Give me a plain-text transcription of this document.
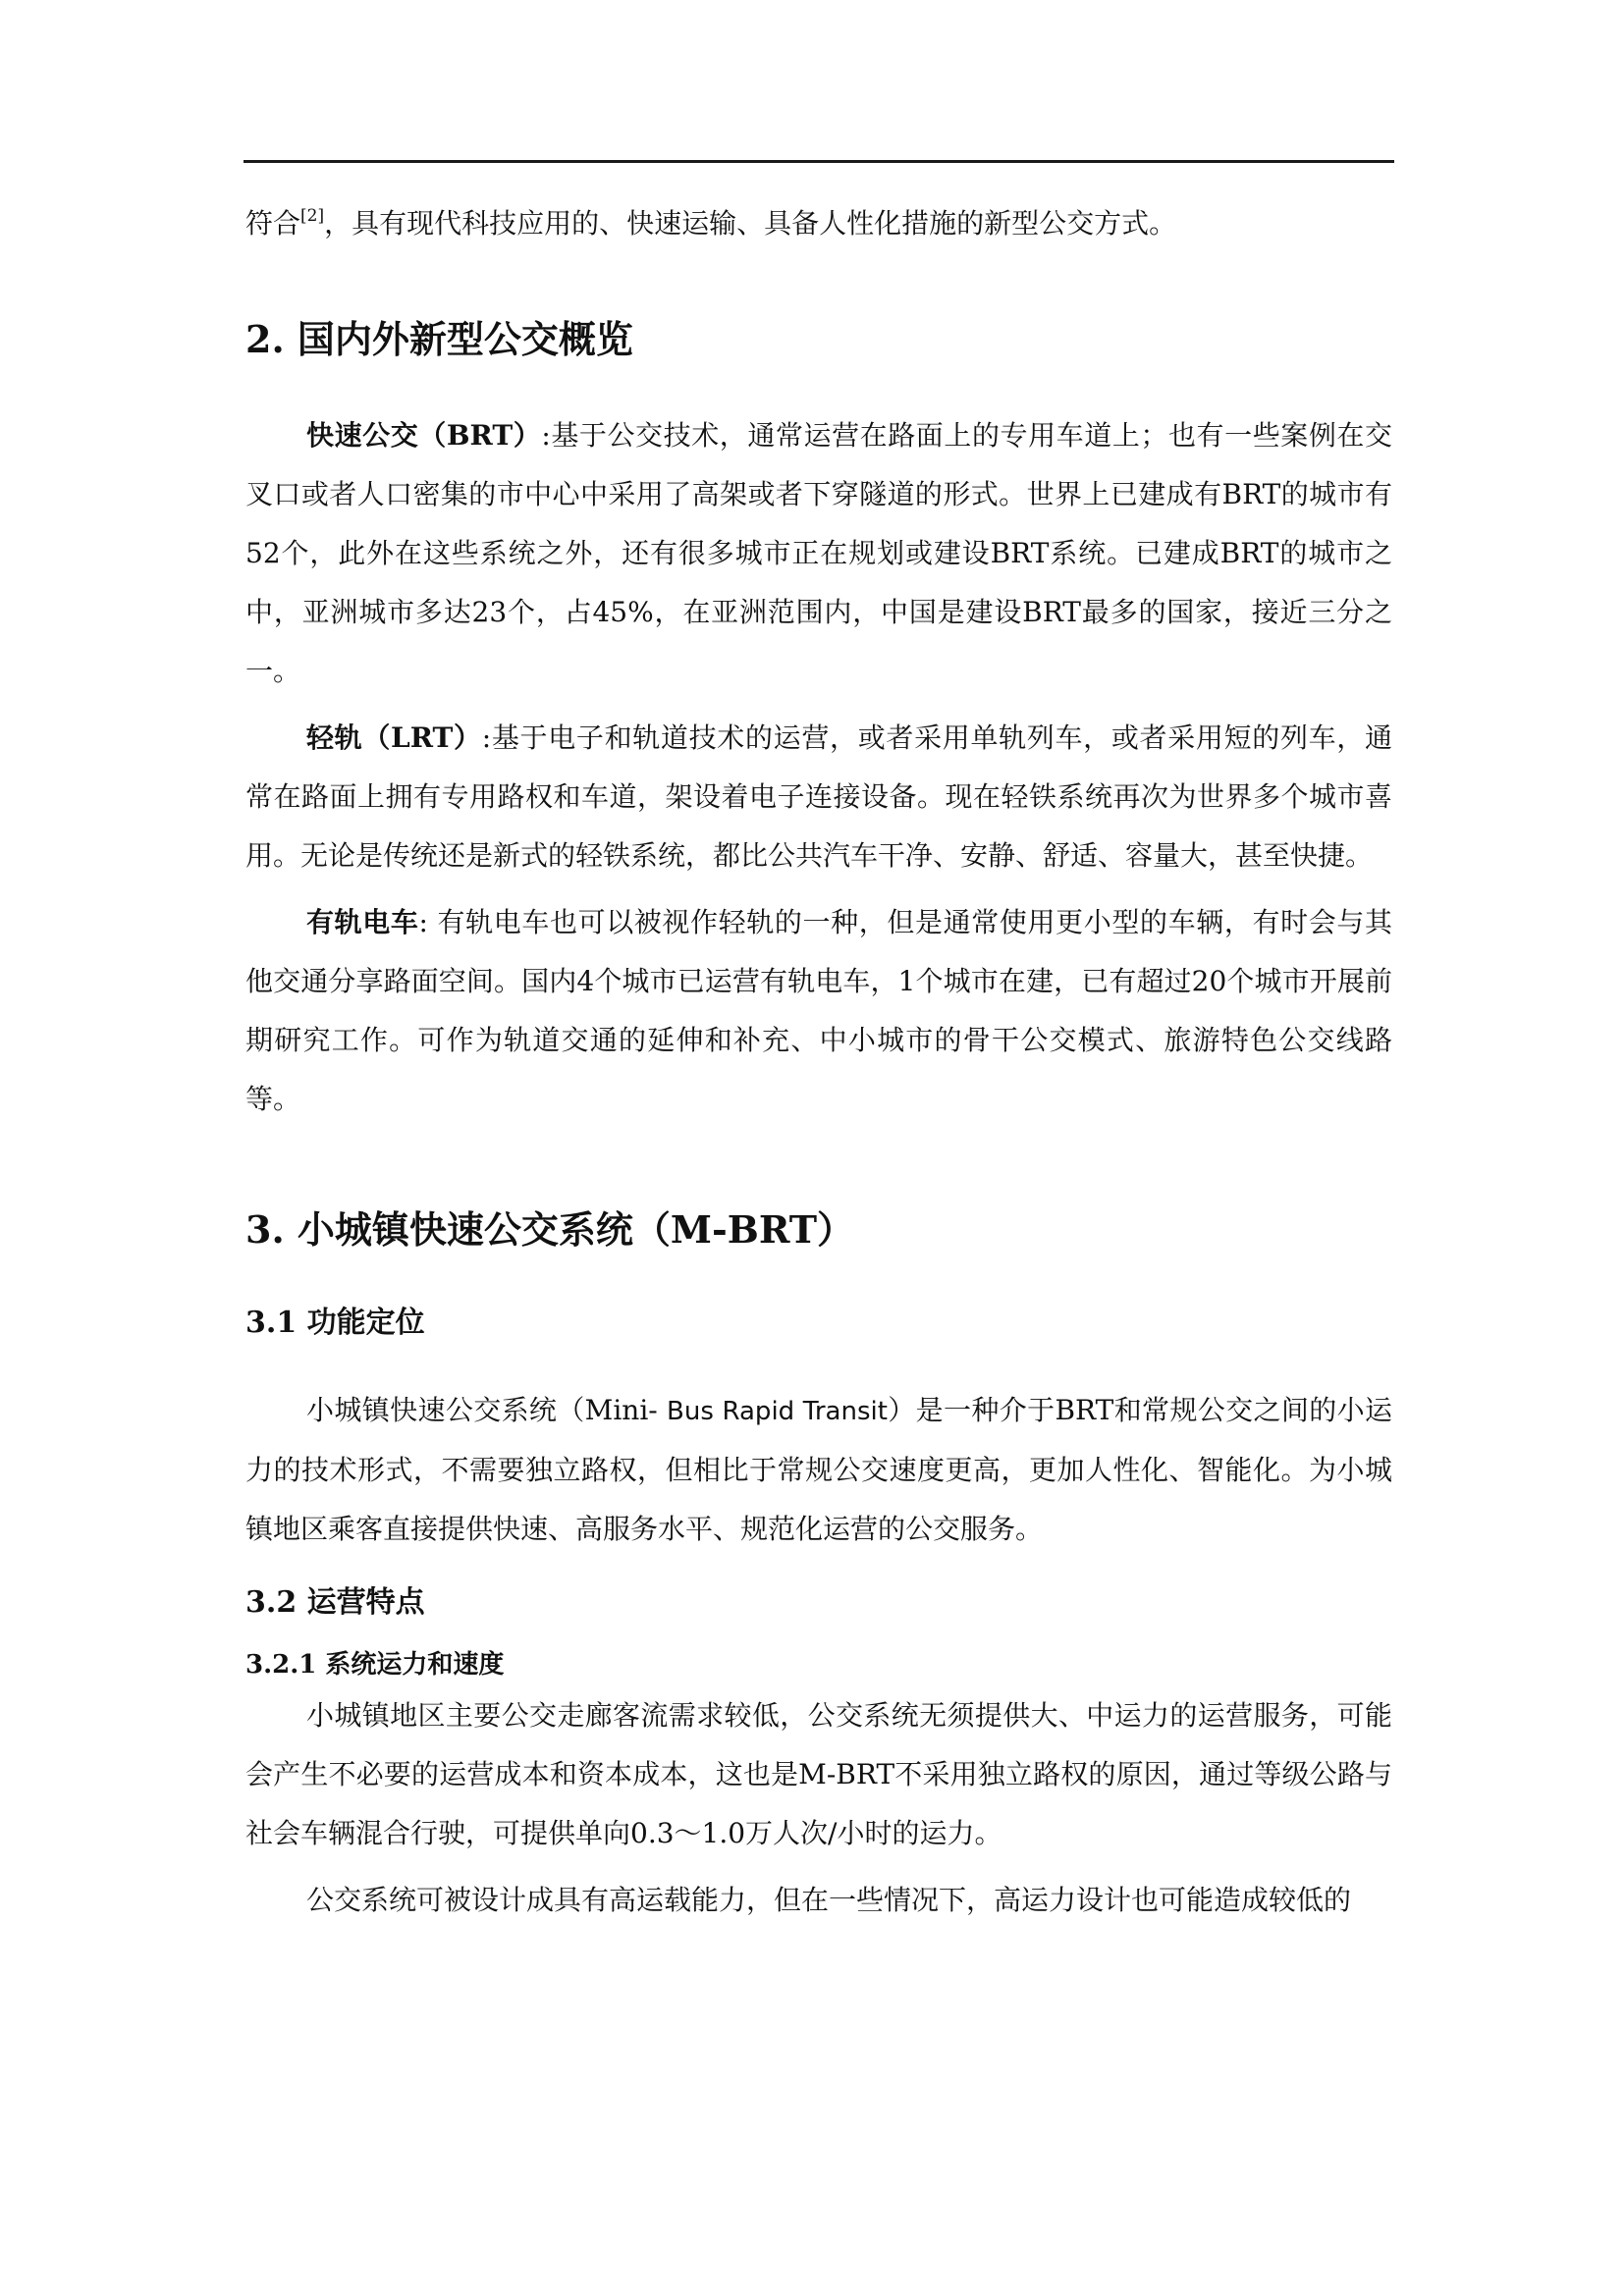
符合[2]，具有现代科技应用的、快速运输、具备人性化措施的新型公交方式。

2. 国内外新型公交概览

快速公交（BRT）:基于公交技术，通常运营在路面上的专用车道上；也有一些案例在交叉口或者人口密集的市中心中采用了高架或者下穿隧道的形式。世界上已建成有BRT的城市有52个，此外在这些系统之外，还有很多城市正在规划或建设BRT系统。已建成BRT的城市之中，亚洲城市多达23个，占45%，在亚洲范围内，中国是建设BRT最多的国家，接近三分之一。

轻轨（LRT）:基于电子和轨道技术的运营，或者采用单轨列车，或者采用短的列车，通常在路面上拥有专用路权和车道，架设着电子连接设备。现在轻铁系统再次为世界多个城市喜用。无论是传统还是新式的轻铁系统，都比公共汽车干净、安静、舒适、容量大，甚至快捷。

有轨电车: 有轨电车也可以被视作轻轨的一种，但是通常使用更小型的车辆，有时会与其他交通分享路面空间。国内4个城市已运营有轨电车，1个城市在建，已有超过20个城市开展前期研究工作。可作为轨道交通的延伸和补充、中小城市的骨干公交模式、旅游特色公交线路等。

3. 小城镇快速公交系统（M-BRT）
3.1 功能定位

小城镇快速公交系统（Mini- Bus Rapid Transit）是一种介于BRT和常规公交之间的小运力的技术形式，不需要独立路权，但相比于常规公交速度更高，更加人性化、智能化。为小城镇地区乘客直接提供快速、高服务水平、规范化运营的公交服务。

3.2 运营特点
3.2.1 系统运力和速度

小城镇地区主要公交走廊客流需求较低，公交系统无须提供大、中运力的运营服务，可能会产生不必要的运营成本和资本成本，这也是M-BRT不采用独立路权的原因，通过等级公路与社会车辆混合行驶，可提供单向0.3～1.0万人次/小时的运力。

公交系统可被设计成具有高运载能力，但在一些情况下，高运力设计也可能造成较低的
